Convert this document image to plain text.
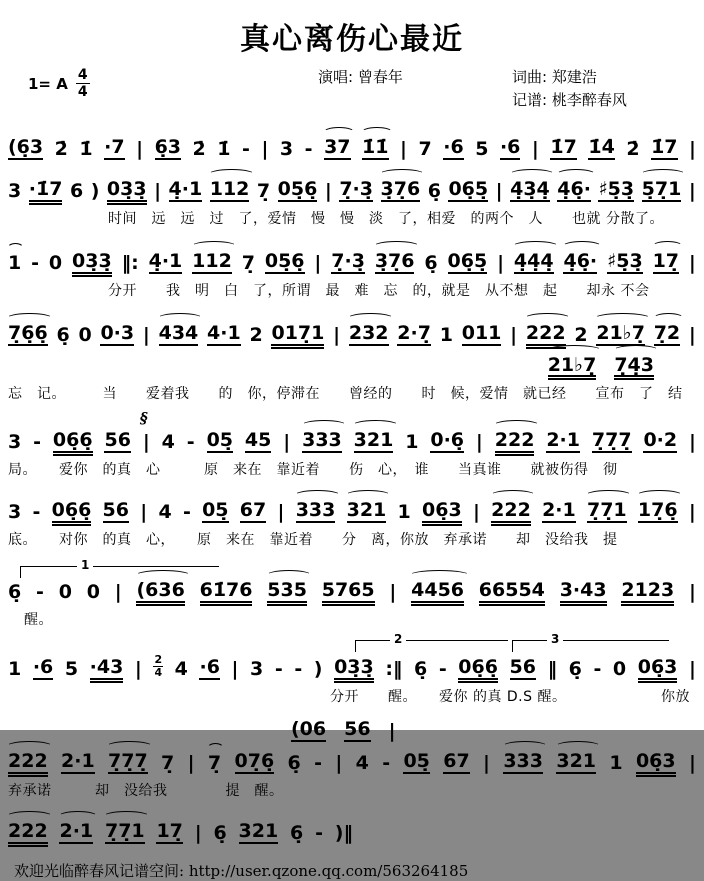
真心离伤心最近
1= A $\frac{4}{4}$	演唱: 曾春年	词曲: 郑建浩
记谱: 桃李醉春风
(6̣3 2̇ 1̇ ·7 | 6̣3 2̇ 1̇ - | 3 - 37 1̇1̇ | 7 ·6 5 ·6 | 1̇7 1̇4̇ 2̇ 1̇7 |
3 ·1̇7 6 ) 03̣3̣ | 4̣·1 112 7̣ 05̣6̣ | 7̣·3̣ 3̣7̣6 6̣ 06̣5̣ | 4̣3̣4̣ 4̣6̣· ♯5̣3̣ 5̣7̣1 |
时间　远　远　过　了，爱情　慢　慢　淡　了，相爱　的两个　人　　也就 分散了。
1 - 0 03̣3̣ ‖: 4̣·1 112 7̣ 05̣6̣ | 7̣·3̣ 3̣7̣6 6̣ 06̣5̣ | 4̣4̣4̣ 4̣6̣· ♯5̣3̣ 17̣ |
分开　　我　明　白　了，所谓　最　难　忘　的，就是　从不想　起　　却永 不会
7̣6̣6̣ 6̣ 0 0·3 | 434 4·1 2 017̣1 | 232 2·7̣ 1 011 | 222 2 21♭7̣ 7̣2 |
21♭7̣ 7̣4̣3
忘　记。　　　当　　爱着我　　的　你，停滞在　　曾经的　　时　候，爱情　就已经　　宣布　了　结
3 - 06̣6̣ 56 |
§
4 - 05̣ 45 | 333 321 1 0·6̣ | 222 2·1 7̣7̣7̣ 0·2 |
局。　　爱你　的真　心　　　原　来在　靠近着　　伤　心，　谁　　当真谁　　就被伤得　彻
3 - 06̣6̣ 56 | 4 - 05̣ 67 | 333 321 1 06̣3 | 222 2·1 7̣7̣1 17̣6̣ |
底。　　对你　的真　心，　　原　来在　靠近着　　分　离，你放　弃承诺　　却　没给我　提
1
6̣ - 0 0 | (636 61̇76 535 5765 | 4456 66554 3·43 2123 |
醒。
2	3
1 ·6 5 ·43 | $\frac{2}{4} 4 \cdot 6$ | 3 - - ) 03̣3̣ :‖ 6̣ - 06̣6̣ 56 ‖ 6̣ - 0 06̣3 |
分开　　醒。　　爱你 的真 D.S 醒。　　　　　　　你放
(06 56 |
222 2·1 7̣7̣7̣ 7̣ | 7̣ 07̣6̣ 6̣ - | 4 - 05̣ 67 | 333 321 1 06̣3 |
弃承诺　　　却　没给我　　　　提　醒。
222 2·1 7̣7̣1 17̣ | 6̣ 321 6̣ - )‖
欢迎光临醉春风记谱空间: http://user.qzone.qq.com/563264185
